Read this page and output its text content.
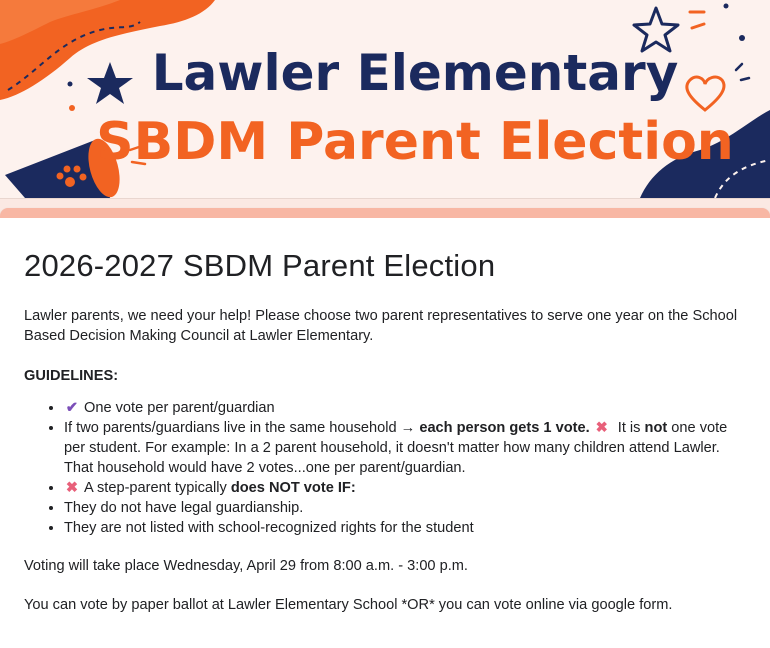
Lawler Elementary
SBDM Parent Election
2026-2027 SBDM Parent Election

Lawler parents, we need your help! Please choose two parent representatives to serve one year on the School Based Decision Making Council at Lawler Elementary.

GUIDELINES:

• ✔ One vote per parent/guardian
• If two parents/guardians live in the same household → each person gets 1 vote. ✖ It is not one vote per student. For example: In a 2 parent household, it doesn't matter how many children attend Lawler. That household would have 2 votes...one per parent/guardian.
• ✖ A step-parent typically does NOT vote IF:
• They do not have legal guardianship.
• They are not listed with school-recognized rights for the student

Voting will take place Wednesday, April 29 from 8:00 a.m. - 3:00 p.m.

You can vote by paper ballot at Lawler Elementary School *OR* you can vote online via google form.
